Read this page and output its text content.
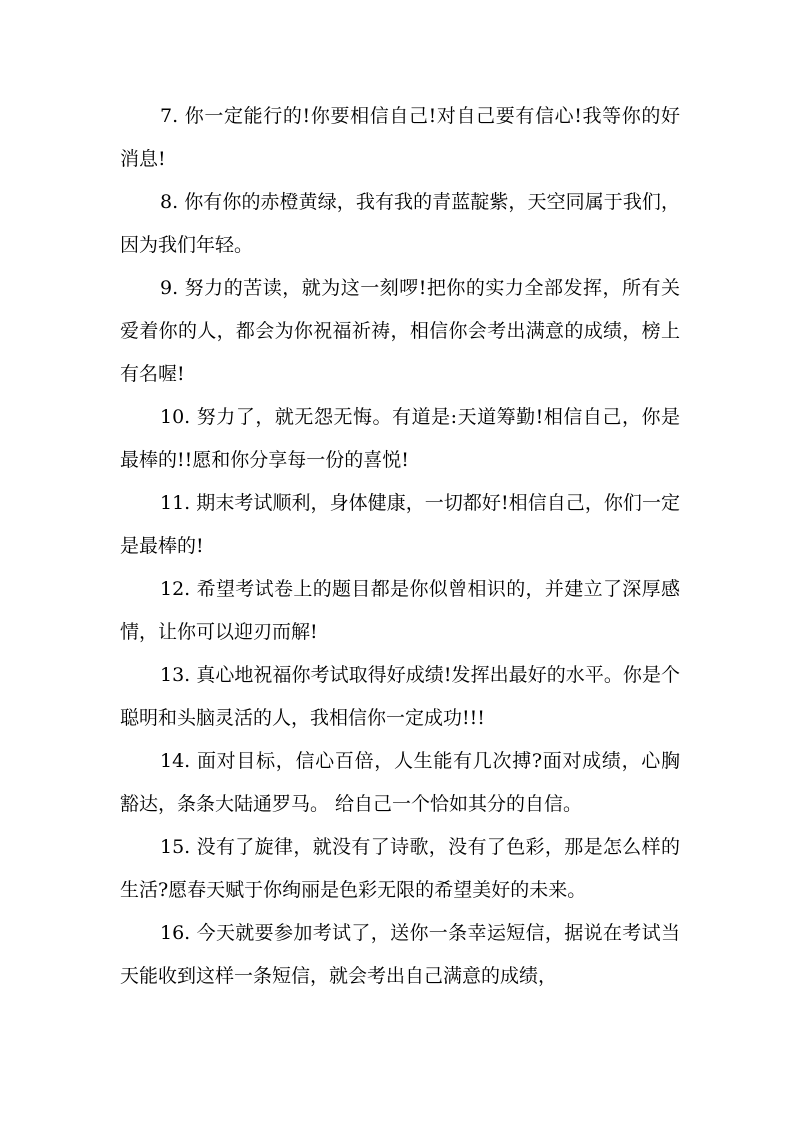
7. 你一定能行的!你要相信自己!对自己要有信心!我等你的好消息!

8. 你有你的赤橙黄绿，我有我的青蓝靛紫，天空同属于我们，因为我们年轻。

9. 努力的苦读，就为这一刻啰!把你的实力全部发挥，所有关爱着你的人，都会为你祝福祈祷，相信你会考出满意的成绩，榜上有名喔!

10. 努力了，就无怨无悔。有道是:天道筹勤!相信自己，你是最棒的!!愿和你分享每一份的喜悦!

11. 期末考试顺利，身体健康，一切都好!相信自己，你们一定是最棒的!

12. 希望考试卷上的题目都是你似曾相识的，并建立了深厚感情，让你可以迎刃而解!

13. 真心地祝福你考试取得好成绩!发挥出最好的水平。你是个聪明和头脑灵活的人，我相信你一定成功!!!

14. 面对目标，信心百倍，人生能有几次搏?面对成绩，心胸豁达，条条大陆通罗马。 给自己一个恰如其分的自信。

15. 没有了旋律，就没有了诗歌，没有了色彩，那是怎么样的生活?愿春天赋于你绚丽是色彩无限的希望美好的未来。

16. 今天就要参加考试了，送你一条幸运短信，据说在考试当天能收到这样一条短信，就会考出自己满意的成绩，
